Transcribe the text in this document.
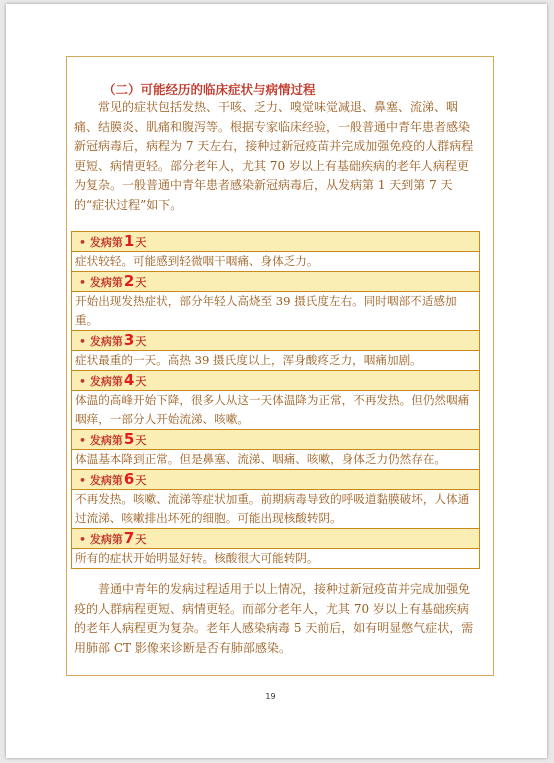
（二）可能经历的临床症状与病情过程

常见的症状包括发热、干咳、乏力、嗅觉味觉减退、鼻塞、流涕、咽痛、结膜炎、肌痛和腹泻等。根据专家临床经验，一般普通中青年患者感染新冠病毒后，病程为 7 天左右，接种过新冠疫苗并完成加强免疫的人群病程更短、病情更轻。部分老年人，尤其 70 岁以上有基础疾病的老年人病程更为复杂。一般普通中青年患者感染新冠病毒后，从发病第 1 天到第 7 天的“症状过程”如下。

• 发病第1天
症状较轻。可能感到轻微咽干咽痛、身体乏力。
• 发病第2天
开始出现发热症状，部分年轻人高烧至 39 摄氏度左右。同时咽部不适感加重。
• 发病第3天
症状最重的一天。高热 39 摄氏度以上，浑身酸疼乏力，咽痛加剧。
• 发病第4天
体温的高峰开始下降，很多人从这一天体温降为正常，不再发热。但仍然咽痛咽痒，一部分人开始流涕、咳嗽。
• 发病第5天
体温基本降到正常。但是鼻塞、流涕、咽痛、咳嗽，身体乏力仍然存在。
• 发病第6天
不再发热。咳嗽、流涕等症状加重。前期病毒导致的呼吸道黏膜破坏，人体通过流涕、咳嗽排出坏死的细胞。可能出现核酸转阴。
• 发病第7天
所有的症状开始明显好转。核酸很大可能转阴。

普通中青年的发病过程适用于以上情况，接种过新冠疫苗并完成加强免疫的人群病程更短、病情更轻。而部分老年人，尤其 70 岁以上有基础疾病的老年人病程更为复杂。老年人感染病毒 5 天前后，如有明显憋气症状，需用肺部 CT 影像来诊断是否有肺部感染。

19
